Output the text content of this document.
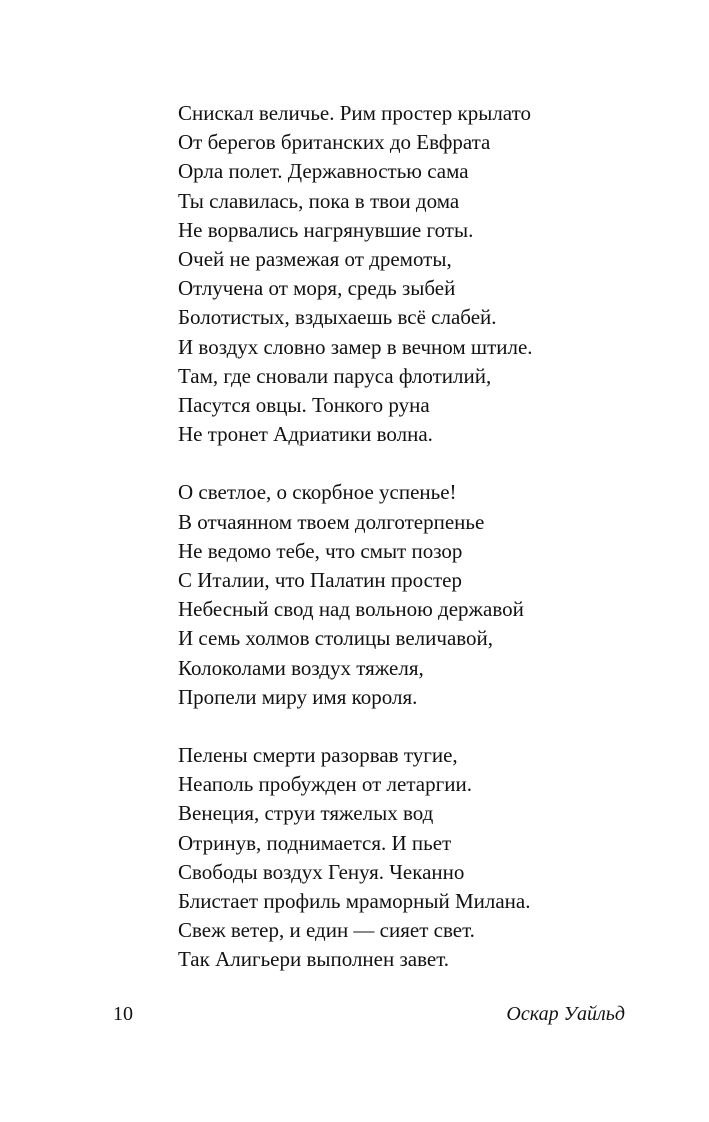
Снискал величье. Рим простер крылато
От берегов британских до Евфрата
Орла полет. Державностью сама
Ты славилась, пока в твои дома
Не ворвались нагрянувшие готы.
Очей не размежая от дремоты,
Отлучена от моря, средь зыбей
Болотистых, вздыхаешь всё слабей.
И воздух словно замер в вечном штиле.
Там, где сновали паруса флотилий,
Пасутся овцы. Тонкого руна
Не тронет Адриатики волна.
О светлое, о скорбное успенье!
В отчаянном твоем долготерпенье
Не ведомо тебе, что смыт позор
С Италии, что Палатин простер
Небесный свод над вольною державой
И семь холмов столицы величавой,
Колоколами воздух тяжеля,
Пропели миру имя короля.
Пелены смерти разорвав тугие,
Неаполь пробужден от летаргии.
Венеция, струи тяжелых вод
Отринув, поднимается. И пьет
Свободы воздух Генуя. Чеканно
Блистает профиль мраморный Милана.
Свеж ветер, и един — сияет свет.
Так Алигьери выполнен завет.
10	Оскар Уайльд
